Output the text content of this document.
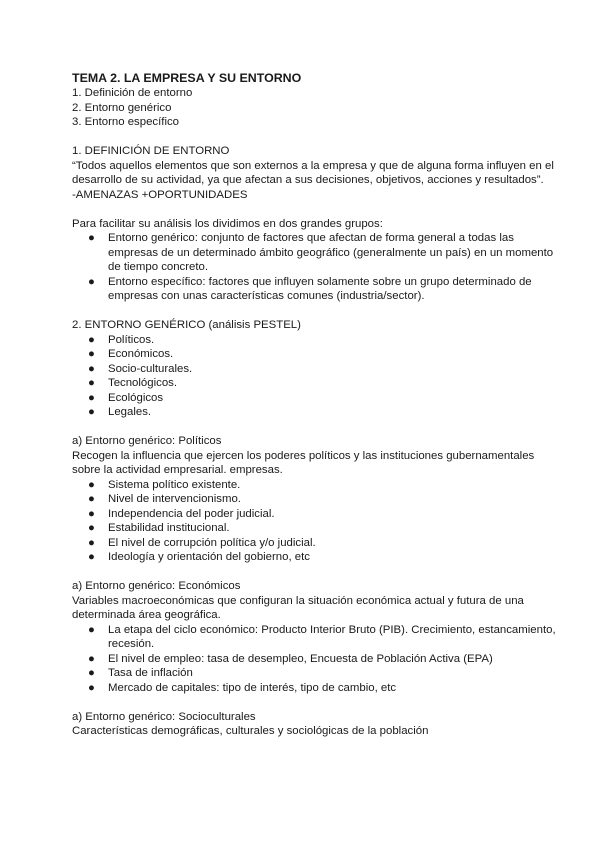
TEMA 2. LA EMPRESA Y SU ENTORNO

1. Definición de entorno

2. Entorno genérico

3. Entorno específico

1. DEFINICIÓN DE ENTORNO

“Todos aquellos elementos que son externos a la empresa y que de alguna forma influyen en el desarrollo de su actividad, ya que afectan a sus decisiones, objetivos, acciones y resultados”.

-AMENAZAS +OPORTUNIDADES

Para facilitar su análisis los dividimos en dos grandes grupos:

● Entorno genérico: conjunto de factores que afectan de forma general a todas las empresas de un determinado ámbito geográfico (generalmente un país) en un momento de tiempo concreto.
● Entorno específico: factores que influyen solamente sobre un grupo determinado de empresas con unas características comunes (industria/sector).

2. ENTORNO GENÉRICO (análisis PESTEL)

● Políticos.
● Económicos.
● Socio-culturales.
● Tecnológicos.
● Ecológicos
● Legales.

a) Entorno genérico: Políticos

Recogen la influencia que ejercen los poderes políticos y las instituciones gubernamentales sobre la actividad empresarial. empresas.

● Sistema político existente.
● Nivel de intervencionismo.
● Independencia del poder judicial.
● Estabilidad institucional.
● El nivel de corrupción política y/o judicial.
● Ideología y orientación del gobierno, etc

a) Entorno genérico: Económicos

Variables macroeconómicas que configuran la situación económica actual y futura de una determinada área geográfica.

● La etapa del ciclo económico: Producto Interior Bruto (PIB). Crecimiento, estancamiento, recesión.
● El nivel de empleo: tasa de desempleo, Encuesta de Población Activa (EPA)
● Tasa de inflación
● Mercado de capitales: tipo de interés, tipo de cambio, etc

a) Entorno genérico: Socioculturales

Características demográficas, culturales y sociológicas de la población
